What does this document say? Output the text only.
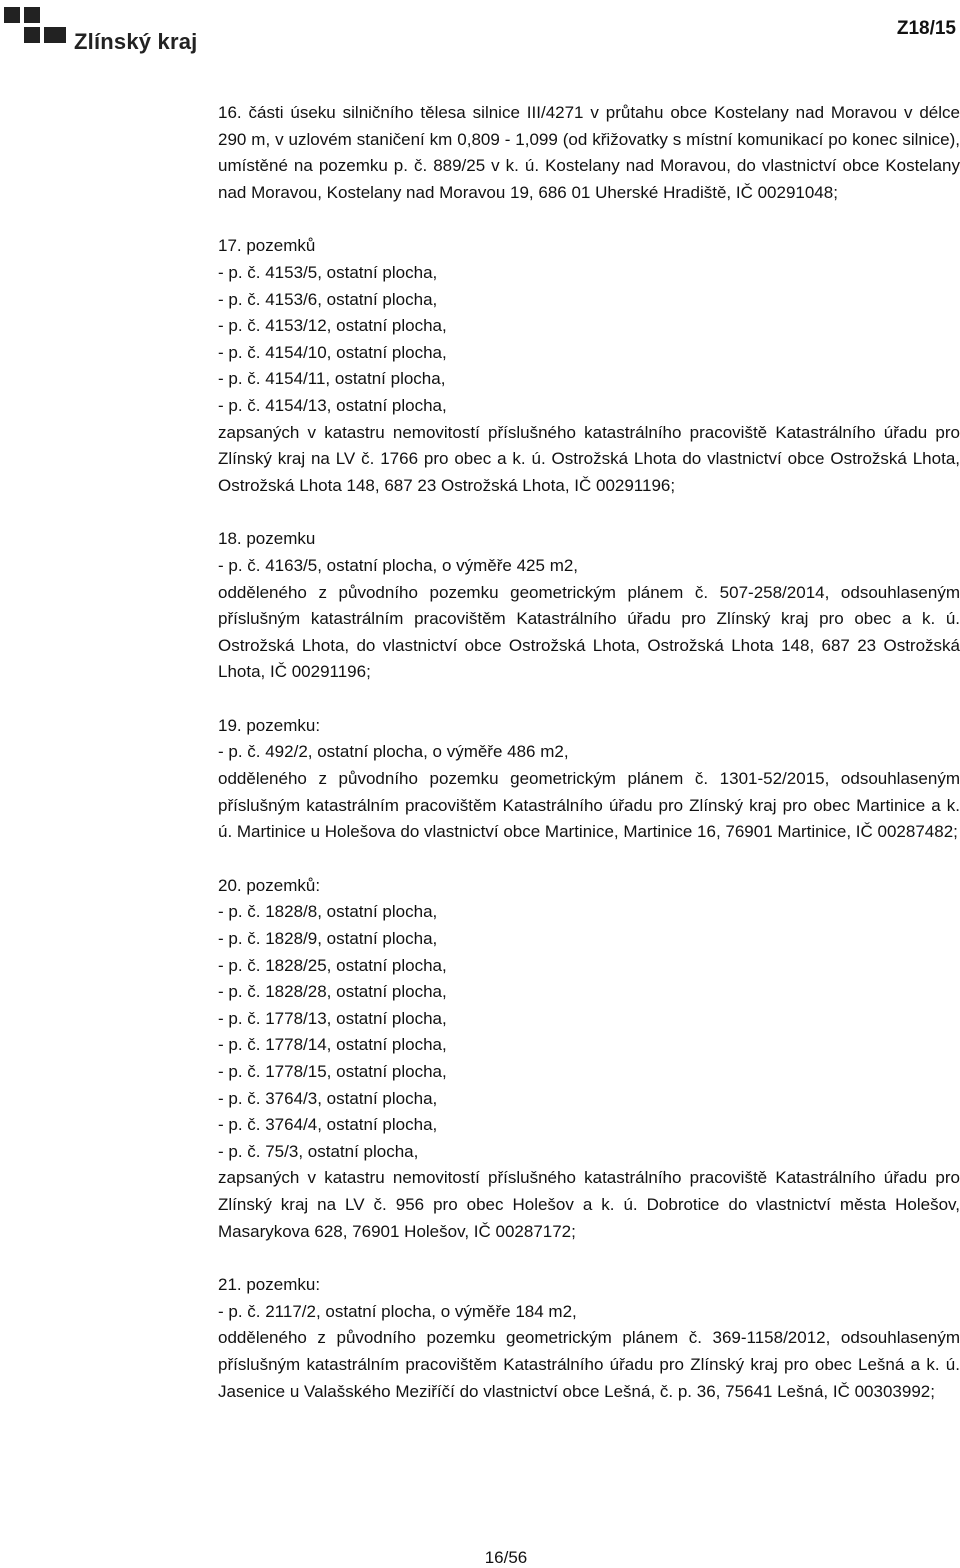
Zlínský kraj
Z18/15

16. části úseku silničního tělesa silnice III/4271 v průtahu obce Kostelany nad Moravou v délce 290 m, v uzlovém staničení km 0,809 - 1,099 (od křižovatky s místní komunikací po konec silnice), umístěné na pozemku p. č. 889/25 v k. ú. Kostelany nad Moravou, do vlastnictví obce Kostelany nad Moravou, Kostelany nad Moravou 19, 686 01 Uherské Hradiště, IČ 00291048;

17. pozemků
- p. č. 4153/5, ostatní plocha,
- p. č. 4153/6, ostatní plocha,
- p. č. 4153/12, ostatní plocha,
- p. č. 4154/10, ostatní plocha,
- p. č. 4154/11, ostatní plocha,
- p. č. 4154/13, ostatní plocha,

zapsaných v katastru nemovitostí příslušného katastrálního pracoviště Katastrálního úřadu pro Zlínský kraj na LV č. 1766 pro obec a k. ú. Ostrožská Lhota do vlastnictví obce Ostrožská Lhota, Ostrožská Lhota 148, 687 23 Ostrožská Lhota, IČ 00291196;

18. pozemku
- p. č. 4163/5, ostatní plocha, o výměře 425 m2,

odděleného z původního pozemku geometrickým plánem č. 507-258/2014, odsouhlaseným příslušným katastrálním pracovištěm Katastrálního úřadu pro Zlínský kraj pro obec a k. ú. Ostrožská Lhota, do vlastnictví obce Ostrožská Lhota, Ostrožská Lhota 148, 687 23 Ostrožská Lhota, IČ 00291196;

19. pozemku:
- p. č. 492/2, ostatní plocha, o výměře 486 m2,

odděleného z původního pozemku geometrickým plánem č. 1301-52/2015, odsouhlaseným příslušným katastrálním pracovištěm Katastrálního úřadu pro Zlínský kraj pro obec Martinice a k. ú. Martinice u Holešova do vlastnictví obce Martinice, Martinice 16, 76901 Martinice, IČ 00287482;

20. pozemků:
- p. č. 1828/8, ostatní plocha,
- p. č. 1828/9, ostatní plocha,
- p. č. 1828/25, ostatní plocha,
- p. č. 1828/28, ostatní plocha,
- p. č. 1778/13, ostatní plocha,
- p. č. 1778/14, ostatní plocha,
- p. č. 1778/15, ostatní plocha,
- p. č. 3764/3, ostatní plocha,
- p. č. 3764/4, ostatní plocha,
- p. č. 75/3, ostatní plocha,

zapsaných v katastru nemovitostí příslušného katastrálního pracoviště Katastrálního úřadu pro Zlínský kraj na LV č. 956 pro obec Holešov a k. ú. Dobrotice do vlastnictví města Holešov, Masarykova 628, 76901 Holešov, IČ 00287172;

21. pozemku:
- p. č. 2117/2, ostatní plocha, o výměře 184 m2,

odděleného z původního pozemku geometrickým plánem č. 369-1158/2012, odsouhlaseným příslušným katastrálním pracovištěm Katastrálního úřadu pro Zlínský kraj pro obec Lešná a k. ú. Jasenice u Valašského Meziříčí do vlastnictví obce Lešná, č. p. 36, 75641 Lešná, IČ 00303992;

16/56
